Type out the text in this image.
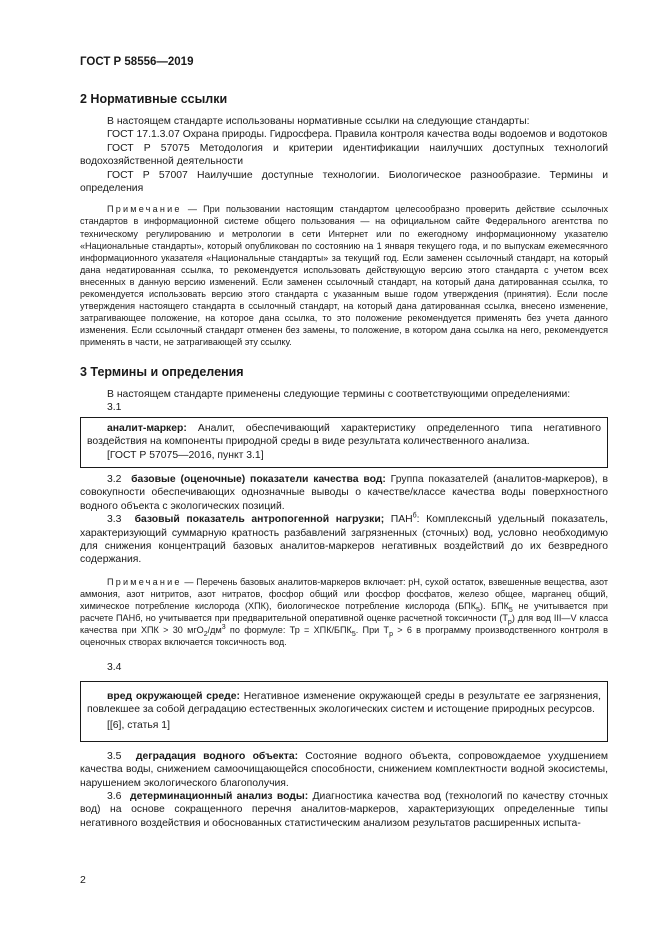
ГОСТ Р 58556—2019
2 Нормативные ссылки

В настоящем стандарте использованы нормативные ссылки на следующие стандарты:

ГОСТ 17.1.3.07 Охрана природы. Гидросфера. Правила контроля качества воды водоемов и водотоков

ГОСТ Р 57075 Методология и критерии идентификации наилучших доступных технологий водохозяйственной деятельности

ГОСТ Р 57007 Наилучшие доступные технологии. Биологическое разнообразие. Термины и определения

Примечание — При пользовании настоящим стандартом целесообразно проверить действие ссылочных стандартов в информационной системе общего пользования — на официальном сайте Федерального агентства по техническому регулированию и метрологии в сети Интернет или по ежегодному информационному указателю «Национальные стандарты», который опубликован по состоянию на 1 января текущего года, и по выпускам ежемесячного информационного указателя «Национальные стандарты» за текущий год. Если заменен ссылочный стандарт, на который дана недатированная ссылка, то рекомендуется использовать действующую версию этого стандарта с учетом всех внесенных в данную версию изменений. Если заменен ссылочный стандарт, на который дана датированная ссылка, то рекомендуется использовать версию этого стандарта с указанным выше годом утверждения (принятия). Если после утверждения настоящего стандарта в ссылочный стандарт, на который дана датированная ссылка, внесено изменение, затрагивающее положение, на которое дана ссылка, то это положение рекомендуется применять без учета данного изменения. Если ссылочный стандарт отменен без замены, то положение, в котором дана ссылка на него, рекомендуется применять в части, не затрагивающей эту ссылку.

3 Термины и определения

В настоящем стандарте применены следующие термины с соответствующими определениями:

3.1

аналит-маркер: Аналит, обеспечивающий характеристику определенного типа негативного воздействия на компоненты природной среды в виде результата количественного анализа.

[ГОСТ Р 57075—2016, пункт 3.1]

3.2 базовые (оценочные) показатели качества вод: Группа показателей (аналитов-маркеров), в совокупности обеспечивающих однозначные выводы о качестве/классе качества воды поверхностного водного объекта с экологических позиций.

3.3 базовый показатель антропогенной нагрузки; $ПАН^б$: Комплексный удельный показатель, характеризующий суммарную кратность разбавлений загрязненных (сточных) вод, условно необходимую для снижения концентраций базовых аналитов-маркеров негативных воздействий до их безвредного содержания.

Примечание — Перечень базовых аналитов-маркеров включает: pH, сухой остаток, взвешенные вещества, азот аммония, азот нитритов, азот нитратов, фосфор общий или фосфор фосфатов, железо общее, марганец общий, химическое потребление кислорода (ХПК), биологическое потребление кислорода $(БПК_5)$. $БПК_5$ не учитывается при расчете ПАНб, но учитывается при предварительной оперативной оценке расчетной токсичности $(Т_р)$ для вод III—V класса качества при ХПК > 30 $мгО_2/дм^3$ по формуле: Тр = ХПК/$БПК_5$. При $Т_р > 6$ в программу производственного контроля в оценочных створах включается токсичность вод.

3.4

вред окружающей среде: Негативное изменение окружающей среды в результате ее загрязнения, повлекшее за собой деградацию естественных экологических систем и истощение природных ресурсов.

[[6], статья 1]

3.5 деградация водного объекта: Состояние водного объекта, сопровождаемое ухудшением качества воды, снижением самоочищающейся способности, снижением комплектности водной экосистемы, нарушением экологического благополучия.

3.6 детерминационный анализ воды: Диагностика качества вод (технологий по качеству сточных вод) на основе сокращенного перечня аналитов-маркеров, характеризующих определенные типы негативного воздействия и обоснованных статистическим анализом результатов расширенных испыта-

2
